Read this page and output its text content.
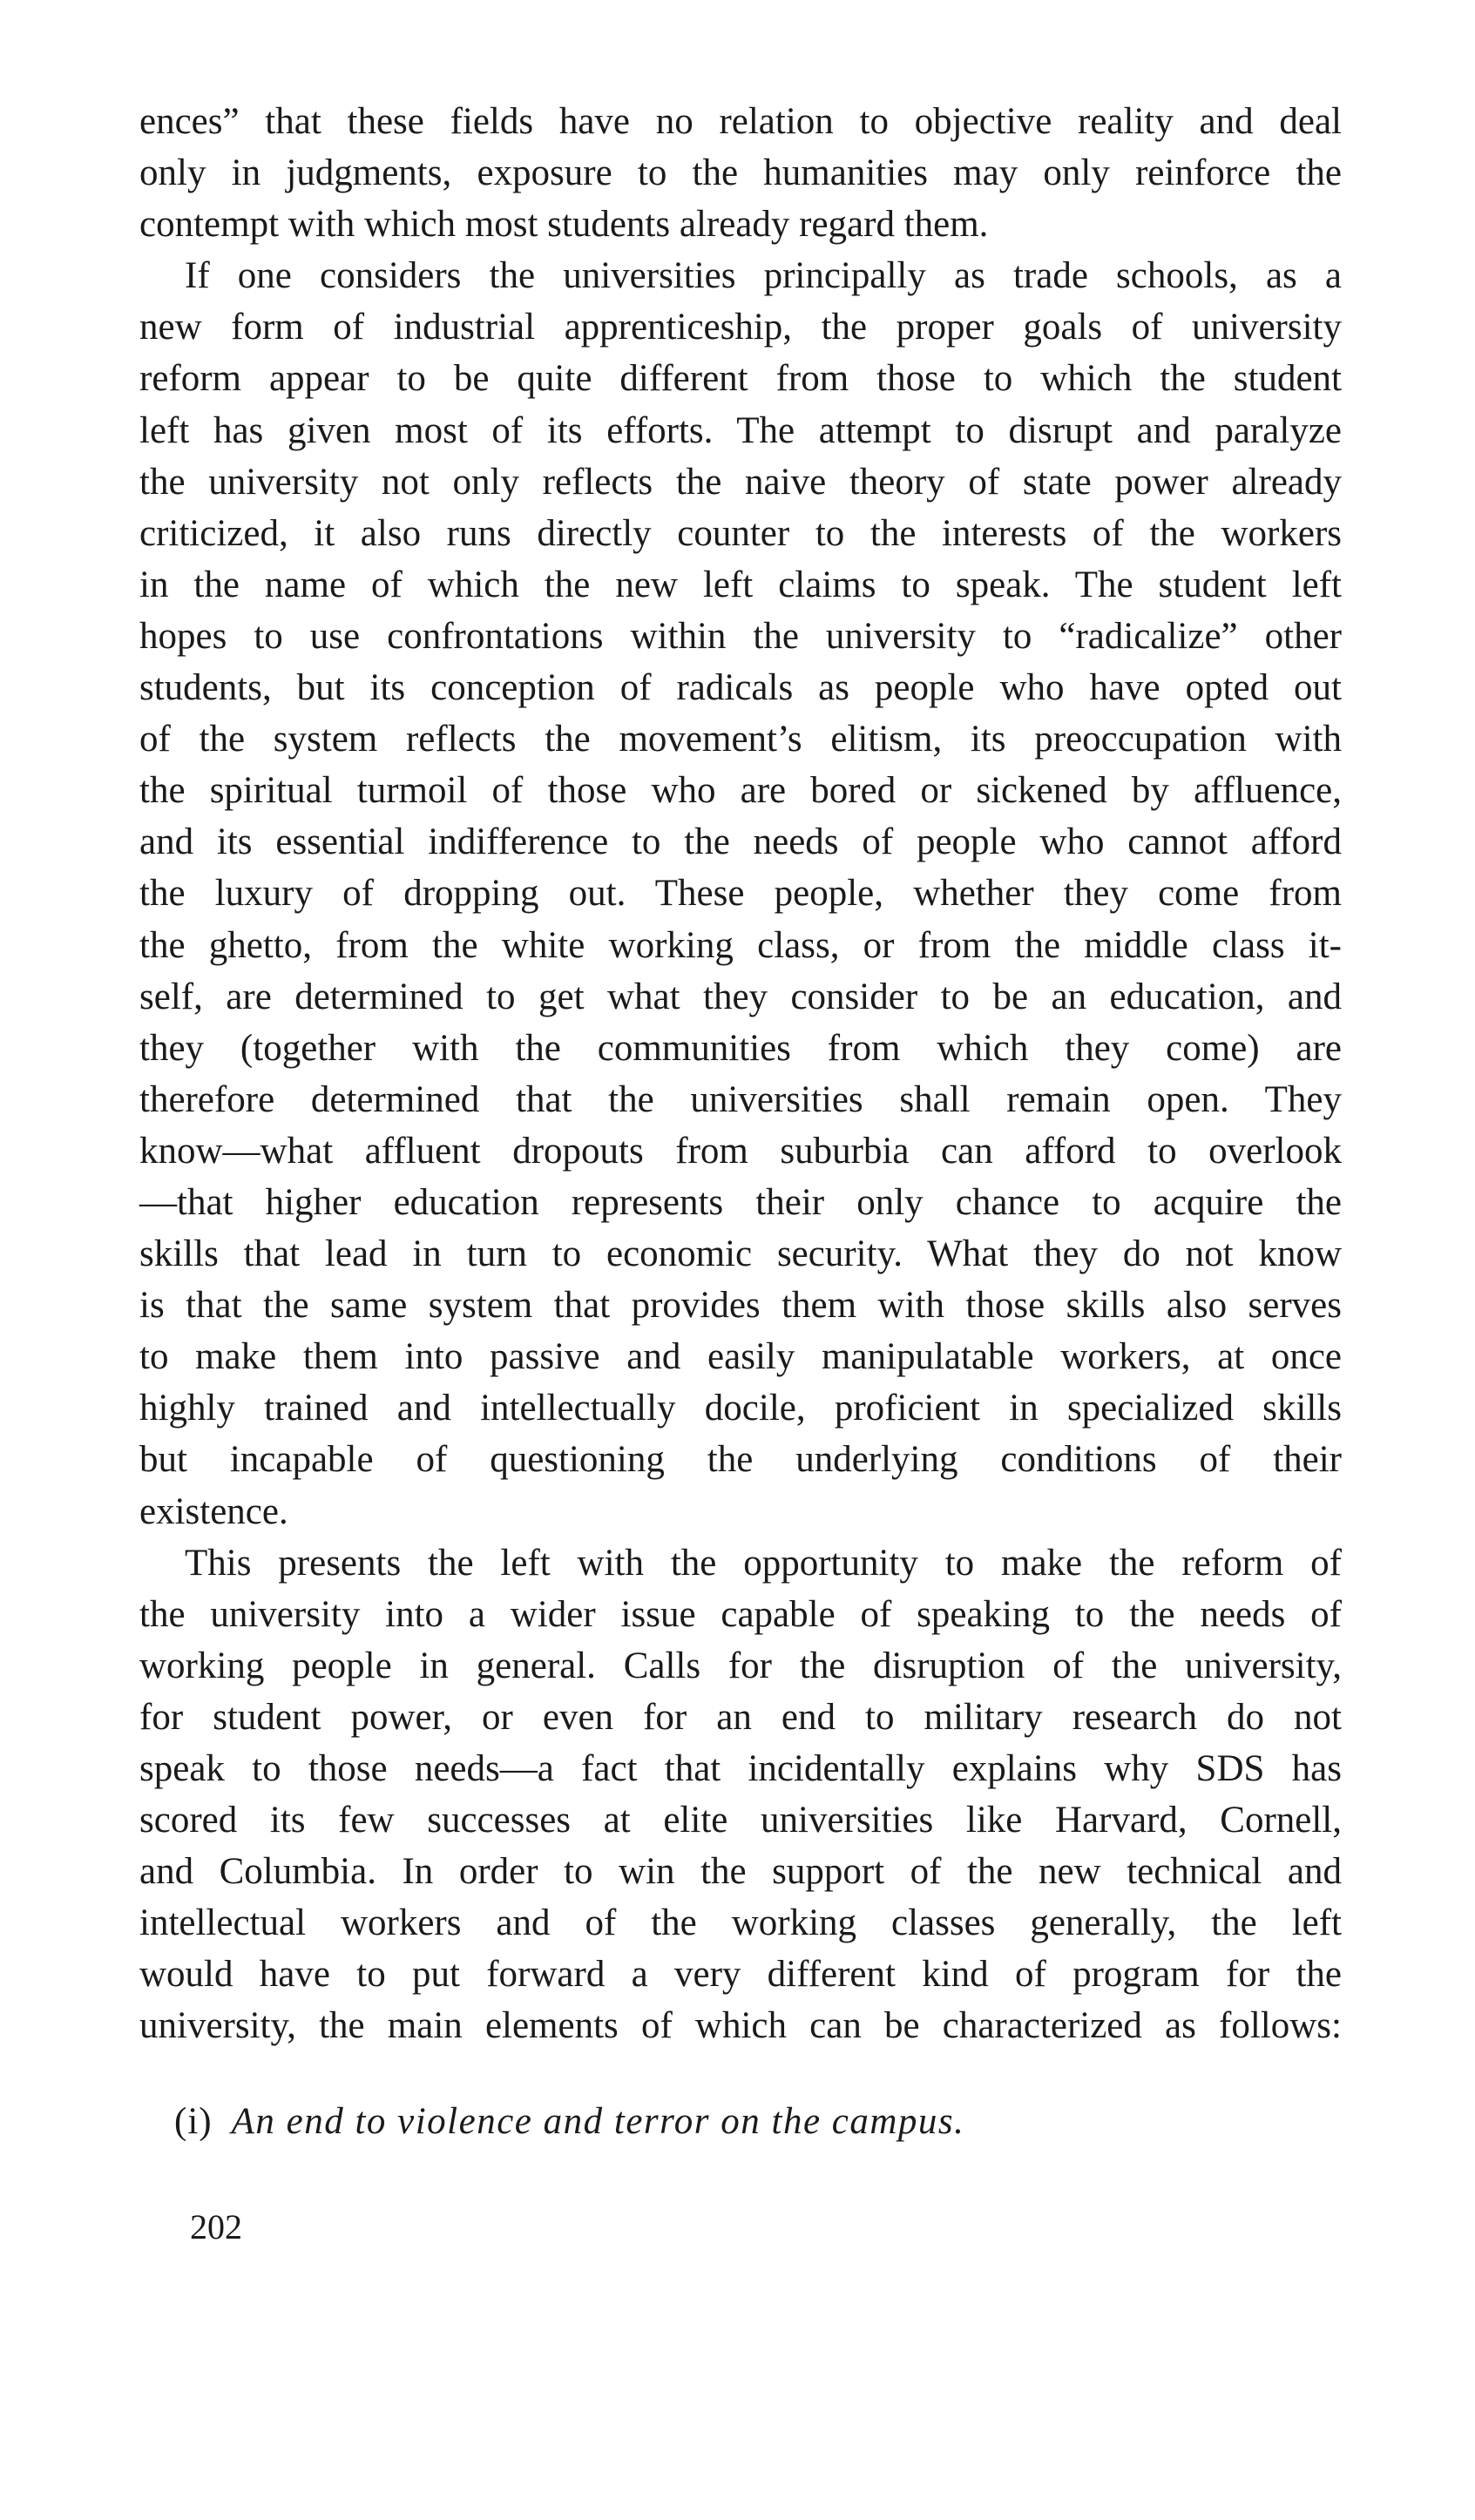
ences” that these fields have no relation to objective reality and deal
only in judgments, exposure to the humanities may only reinforce the
contempt with which most students already regard them.
If one considers the universities principally as trade schools, as a
new form of industrial apprenticeship, the proper goals of university
reform appear to be quite different from those to which the student
left has given most of its efforts. The attempt to disrupt and paralyze
the university not only reflects the naive theory of state power already
criticized, it also runs directly counter to the interests of the workers
in the name of which the new left claims to speak. The student left
hopes to use confrontations within the university to “radicalize” other
students, but its conception of radicals as people who have opted out
of the system reflects the movement’s elitism, its preoccupation with
the spiritual turmoil of those who are bored or sickened by affluence,
and its essential indifference to the needs of people who cannot afford
the luxury of dropping out. These people, whether they come from
the ghetto, from the white working class, or from the middle class it-
self, are determined to get what they consider to be an education, and
they (together with the communities from which they come) are
therefore determined that the universities shall remain open. They
know—what affluent dropouts from suburbia can afford to overlook
—that higher education represents their only chance to acquire the
skills that lead in turn to economic security. What they do not know
is that the same system that provides them with those skills also serves
to make them into passive and easily manipulatable workers, at once
highly trained and intellectually docile, proficient in specialized skills
but incapable of questioning the underlying conditions of their
existence.
This presents the left with the opportunity to make the reform of
the university into a wider issue capable of speaking to the needs of
working people in general. Calls for the disruption of the university,
for student power, or even for an end to military research do not
speak to those needs—a fact that incidentally explains why SDS has
scored its few successes at elite universities like Harvard, Cornell,
and Columbia. In order to win the support of the new technical and
intellectual workers and of the working classes generally, the left
would have to put forward a very different kind of program for the
university, the main elements of which can be characterized as follows:
(i) An end to violence and terror on the campus.
202
